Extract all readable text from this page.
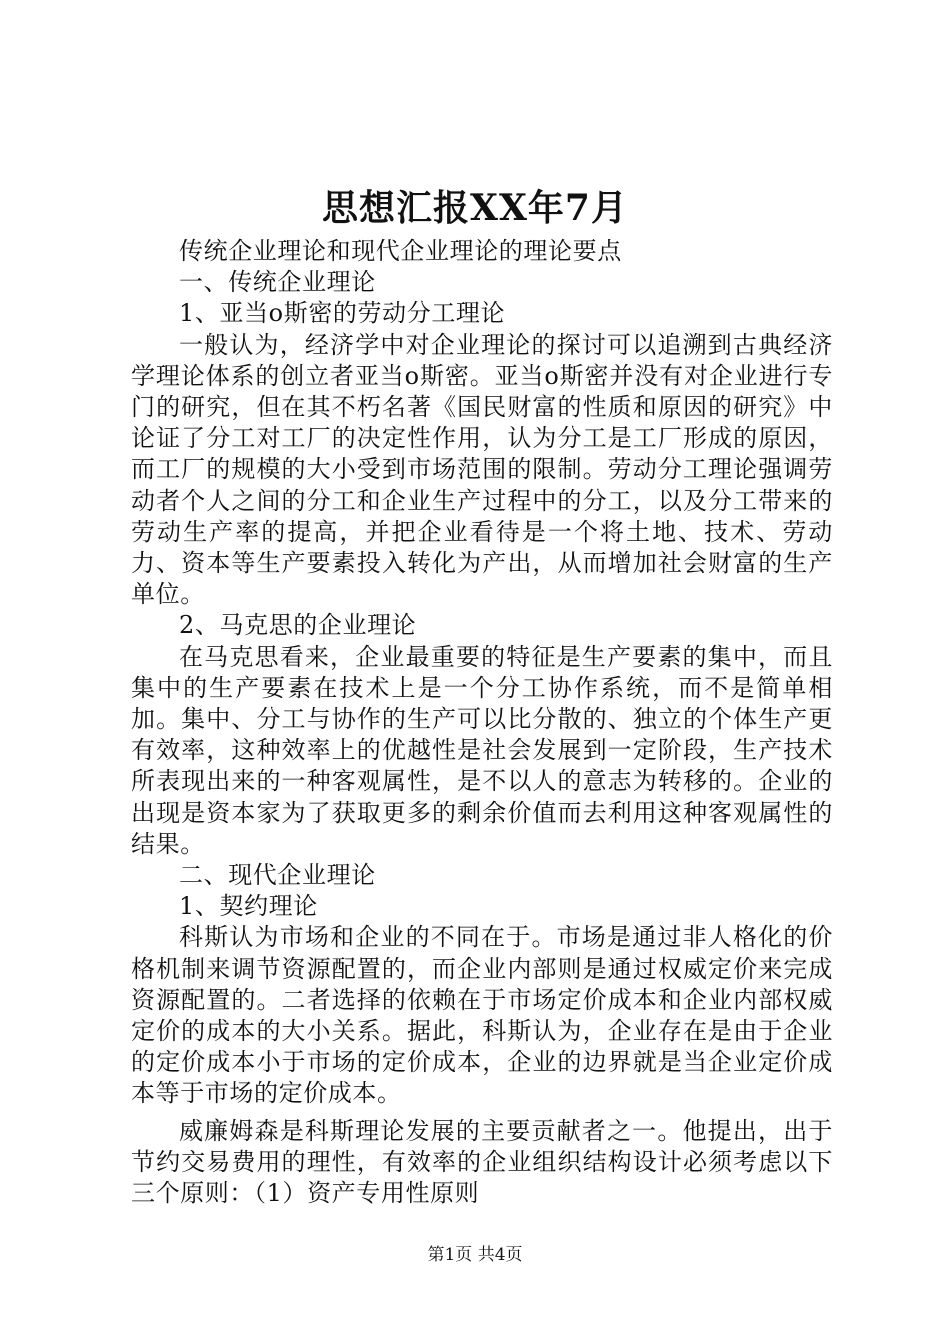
思想汇报XX年7月

传统企业理论和现代企业理论的理论要点

一、传统企业理论

1、亚当o斯密的劳动分工理论

一般认为，经济学中对企业理论的探讨可以追溯到古典经济学理论体系的创立者亚当o斯密。亚当o斯密并没有对企业进行专门的研究，但在其不朽名著《国民财富的性质和原因的研究》中论证了分工对工厂的决定性作用，认为分工是工厂形成的原因，而工厂的规模的大小受到市场范围的限制。劳动分工理论强调劳动者个人之间的分工和企业生产过程中的分工，以及分工带来的劳动生产率的提高，并把企业看待是一个将土地、技术、劳动力、资本等生产要素投入转化为产出，从而增加社会财富的生产单位。

2、马克思的企业理论

在马克思看来，企业最重要的特征是生产要素的集中，而且集中的生产要素在技术上是一个分工协作系统，而不是简单相加。集中、分工与协作的生产可以比分散的、独立的个体生产更有效率，这种效率上的优越性是社会发展到一定阶段，生产技术所表现出来的一种客观属性，是不以人的意志为转移的。企业的出现是资本家为了获取更多的剩余价值而去利用这种客观属性的结果。

二、现代企业理论

1、契约理论

科斯认为市场和企业的不同在于。市场是通过非人格化的价格机制来调节资源配置的，而企业内部则是通过权威定价来完成资源配置的。二者选择的依赖在于市场定价成本和企业内部权威定价的成本的大小关系。据此，科斯认为，企业存在是由于企业的定价成本小于市场的定价成本，企业的边界就是当企业定价成本等于市场的定价成本。

威廉姆森是科斯理论发展的主要贡献者之一。他提出，出于节约交易费用的理性，有效率的企业组织结构设计必须考虑以下三个原则：（1）资产专用性原则

第1页 共4页
